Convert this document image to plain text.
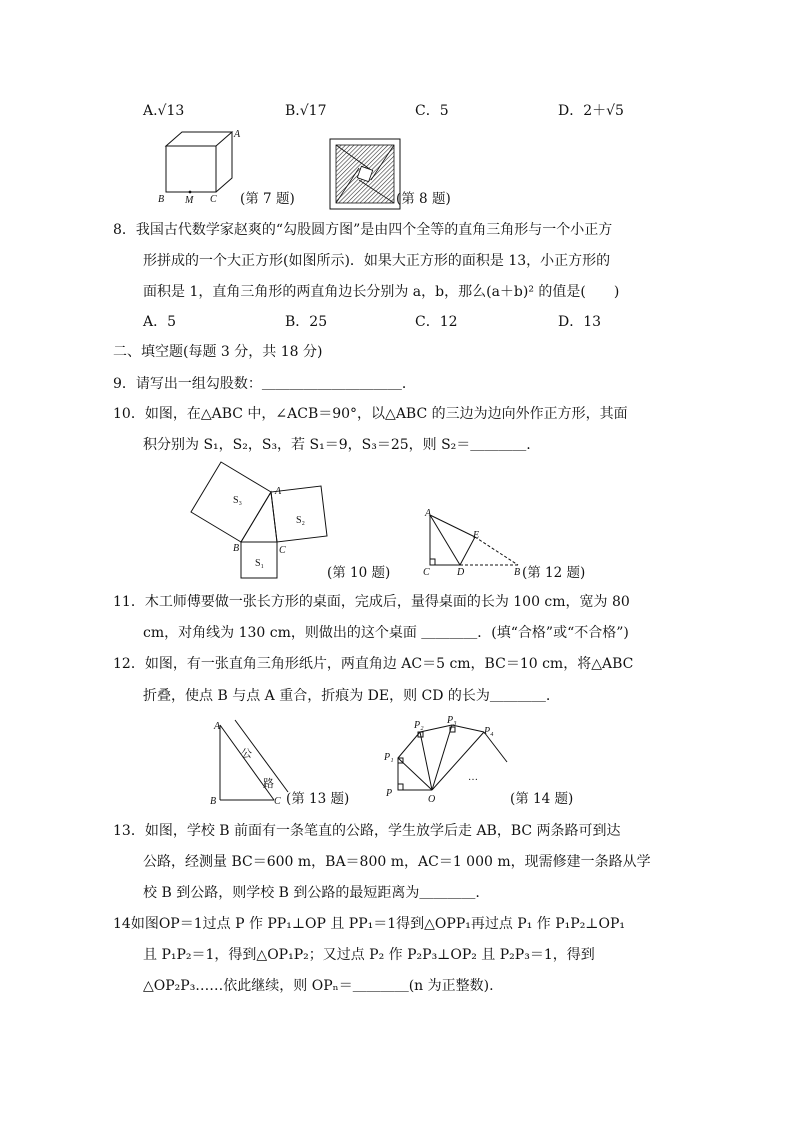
A.√13	B.√17	C．5	D．2＋√5
A
B M C (第 7 题)	(第 8 题)
8．我国古代数学家赵爽的“勾股圆方图”是由四个全等的直角三角形与一个小正方
形拼成的一个大正方形(如图所示)．如果大正方形的面积是 13，小正方形的
面积是 1，直角三角形的两直角边长分别为 a，b，那么(a＋b)² 的值是(　　)
A．5	B．25	C．12	D．13
二、填空题(每题 3 分，共 18 分)
9．请写出一组勾股数：＿＿＿＿＿＿＿＿＿＿．
10．如图，在△ABC 中，∠ACB＝90°，以△ABC 的三边为边向外作正方形，其面
积分别为 S₁，S₂，S₃，若 S₁＝9，S₃＝25，则 S₂＝＿＿＿＿.
S₃
S₂
S₁
A
B	C
(第 10 题)
A
E
C	D	B (第 12 题)
11．木工师傅要做一张长方形的桌面，完成后，量得桌面的长为 100 cm，宽为 80
cm，对角线为 130 cm，则做出的这个桌面 ＿＿＿＿．(填“合格”或“不合格”)
12．如图，有一张直角三角形纸片，两直角边 AC＝5 cm，BC＝10 cm，将△ABC
折叠，使点 B 与点 A 重合，折痕为 DE，则 CD 的长为＿＿＿＿.
A
B	C
公
路
(第 13 题)	P
P₁
P₂ P₃
P₄
O
…
(第 14 题)
13．如图，学校 B 前面有一条笔直的公路，学生放学后走 AB，BC 两条路可到达
公路，经测量 BC＝600 m，BA＝800 m，AC＝1 000 m，现需修建一条路从学
校 B 到公路，则学校 B 到公路的最短距离为＿＿＿＿.
14如图OP＝1过点 P 作 PP₁⊥OP 且 PP₁＝1得到△OPP₁再过点 P₁ 作 P₁P₂⊥OP₁
且 P₁P₂＝1，得到△OP₁P₂；又过点 P₂ 作 P₂P₃⊥OP₂ 且 P₂P₃＝1，得到
△OP₂P₃……依此继续，则 OPₙ＝＿＿＿＿(n 为正整数).
